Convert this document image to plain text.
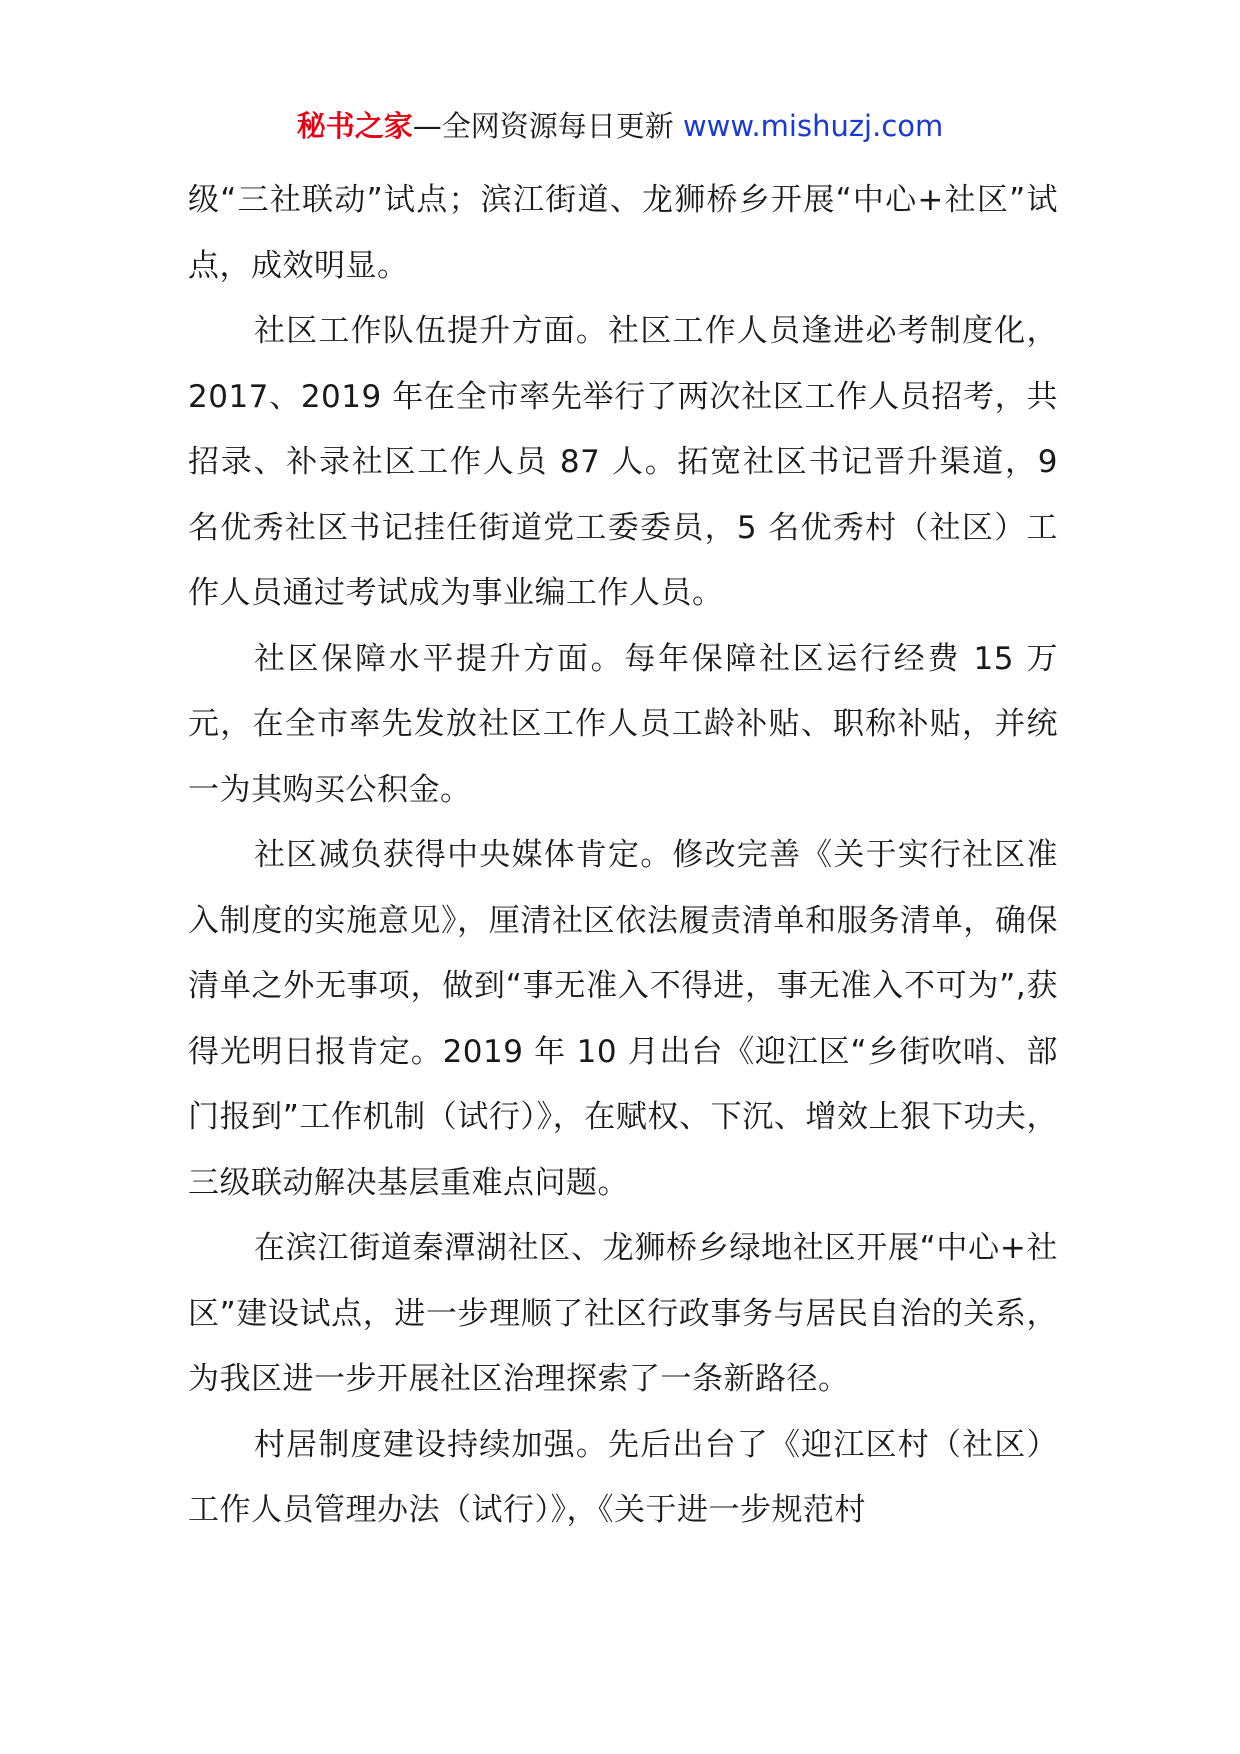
秘书之家—全网资源每日更新 www.mishuzj.com

级“三社联动”试点；滨江街道、龙狮桥乡开展“中心+社区”试点，成效明显。

社区工作队伍提升方面。社区工作人员逢进必考制度化，2017、2019 年在全市率先举行了两次社区工作人员招考，共招录、补录社区工作人员 87 人。拓宽社区书记晋升渠道，9 名优秀社区书记挂任街道党工委委员，5 名优秀村（社区）工作人员通过考试成为事业编工作人员。

社区保障水平提升方面。每年保障社区运行经费 15 万元，在全市率先发放社区工作人员工龄补贴、职称补贴，并统一为其购买公积金。

社区减负获得中央媒体肯定。修改完善《关于实行社区准入制度的实施意见》，厘清社区依法履责清单和服务清单，确保清单之外无事项，做到“事无准入不得进，事无准入不可为”,获得光明日报肯定。2019 年 10 月出台《迎江区“乡街吹哨、部门报到”工作机制（试行）》，在赋权、下沉、增效上狠下功夫，三级联动解决基层重难点问题。

在滨江街道秦潭湖社区、龙狮桥乡绿地社区开展“中心+社区”建设试点，进一步理顺了社区行政事务与居民自治的关系，为我区进一步开展社区治理探索了一条新路径。

村居制度建设持续加强。先后出台了《迎江区村（社区）工作人员管理办法（试行）》，《关于进一步规范村
